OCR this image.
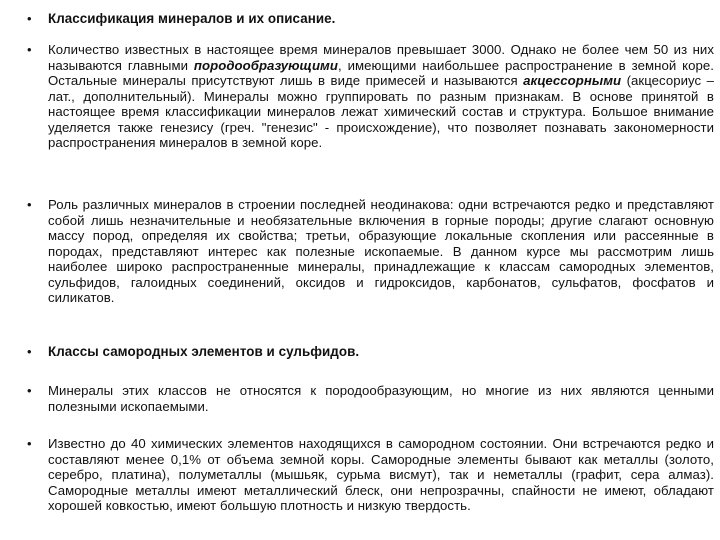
• Классификация минералов и их описание.
• Количество известных в настоящее время минералов превышает 3000. Однако не более чем 50 из них называются главными породообразующими, имеющими наибольшее распространение в земной коре. Остальные минералы присутствуют лишь в виде примесей и называются акцессорными (акцесориус – лат., дополнительный). Минералы можно группировать по разным признакам. В основе принятой в настоящее время классификации минералов лежат химический состав и структура. Большое внимание уделяется также генезису (греч. "генезис" - происхождение), что позволяет познавать закономерности распространения минералов в земной коре.
• Роль различных минералов в строении последней неодинакова: одни встречаются редко и представляют собой лишь незначительные и необязательные включения в горные породы; другие слагают основную массу пород, определяя их свойства; третьи, образующие локальные скопления или рассеянные в породах, представляют интерес как полезные ископаемые. В данном курсе мы рассмотрим лишь наиболее широко распространенные минералы, принадлежащие к классам самородных элементов, сульфидов, галоидных соединений, оксидов и гидроксидов, карбонатов, сульфатов, фосфатов и силикатов.
• Классы самородных элементов и сульфидов.
• Минералы этих классов не относятся к породообразующим, но многие из них являются ценными полезными ископаемыми.
• Известно до 40 химических элементов находящихся в самородном состоянии. Они встречаются редко и составляют менее 0,1% от объема земной коры. Самородные элементы бывают как металлы (золото, серебро, платина), полуметаллы (мышьяк, сурьма висмут), так и неметаллы (графит, сера алмаз). Самородные металлы имеют металлический блеск, они непрозрачны, спайности не имеют, обладают хорошей ковкостью, имеют большую плотность и низкую твердость.
